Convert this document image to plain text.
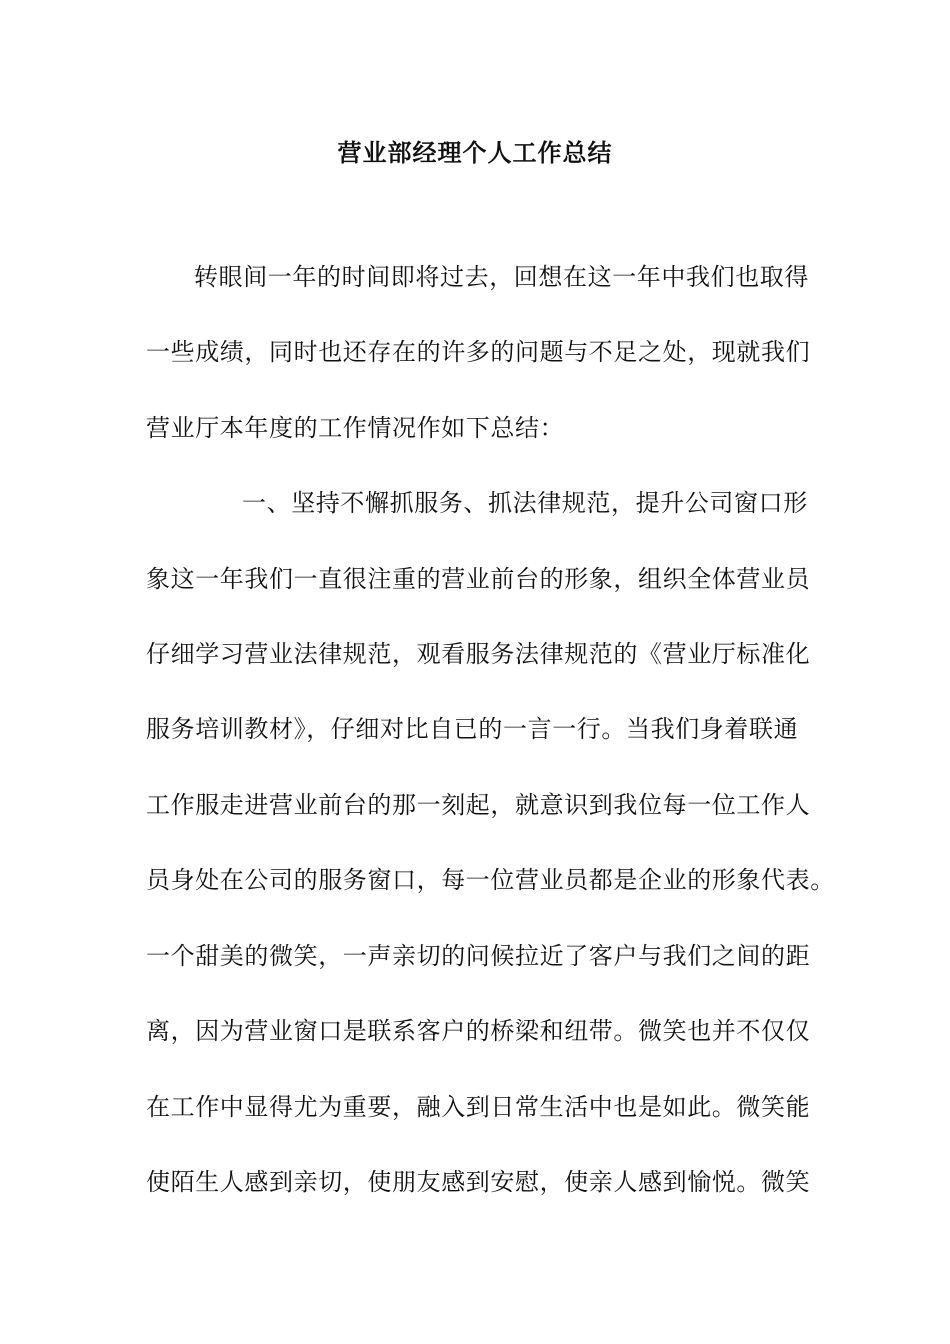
营业部经理个人工作总结
转眼间一年的时间即将过去，回想在这一年中我们也取得
一些成绩，同时也还存在的许多的问题与不足之处，现就我们
营业厅本年度的工作情况作如下总结：
一、坚持不懈抓服务、抓法律规范，提升公司窗口形
象这一年我们一直很注重的营业前台的形象，组织全体营业员
仔细学习营业法律规范，观看服务法律规范的《营业厅标准化
服务培训教材》，仔细对比自已的一言一行。当我们身着联通
工作服走进营业前台的那一刻起，就意识到我位每一位工作人
员身处在公司的服务窗口，每一位营业员都是企业的形象代表。
一个甜美的微笑，一声亲切的问候拉近了客户与我们之间的距
离，因为营业窗口是联系客户的桥梁和纽带。微笑也并不仅仅
在工作中显得尤为重要，融入到日常生活中也是如此。微笑能
使陌生人感到亲切，使朋友感到安慰，使亲人感到愉悦。微笑
